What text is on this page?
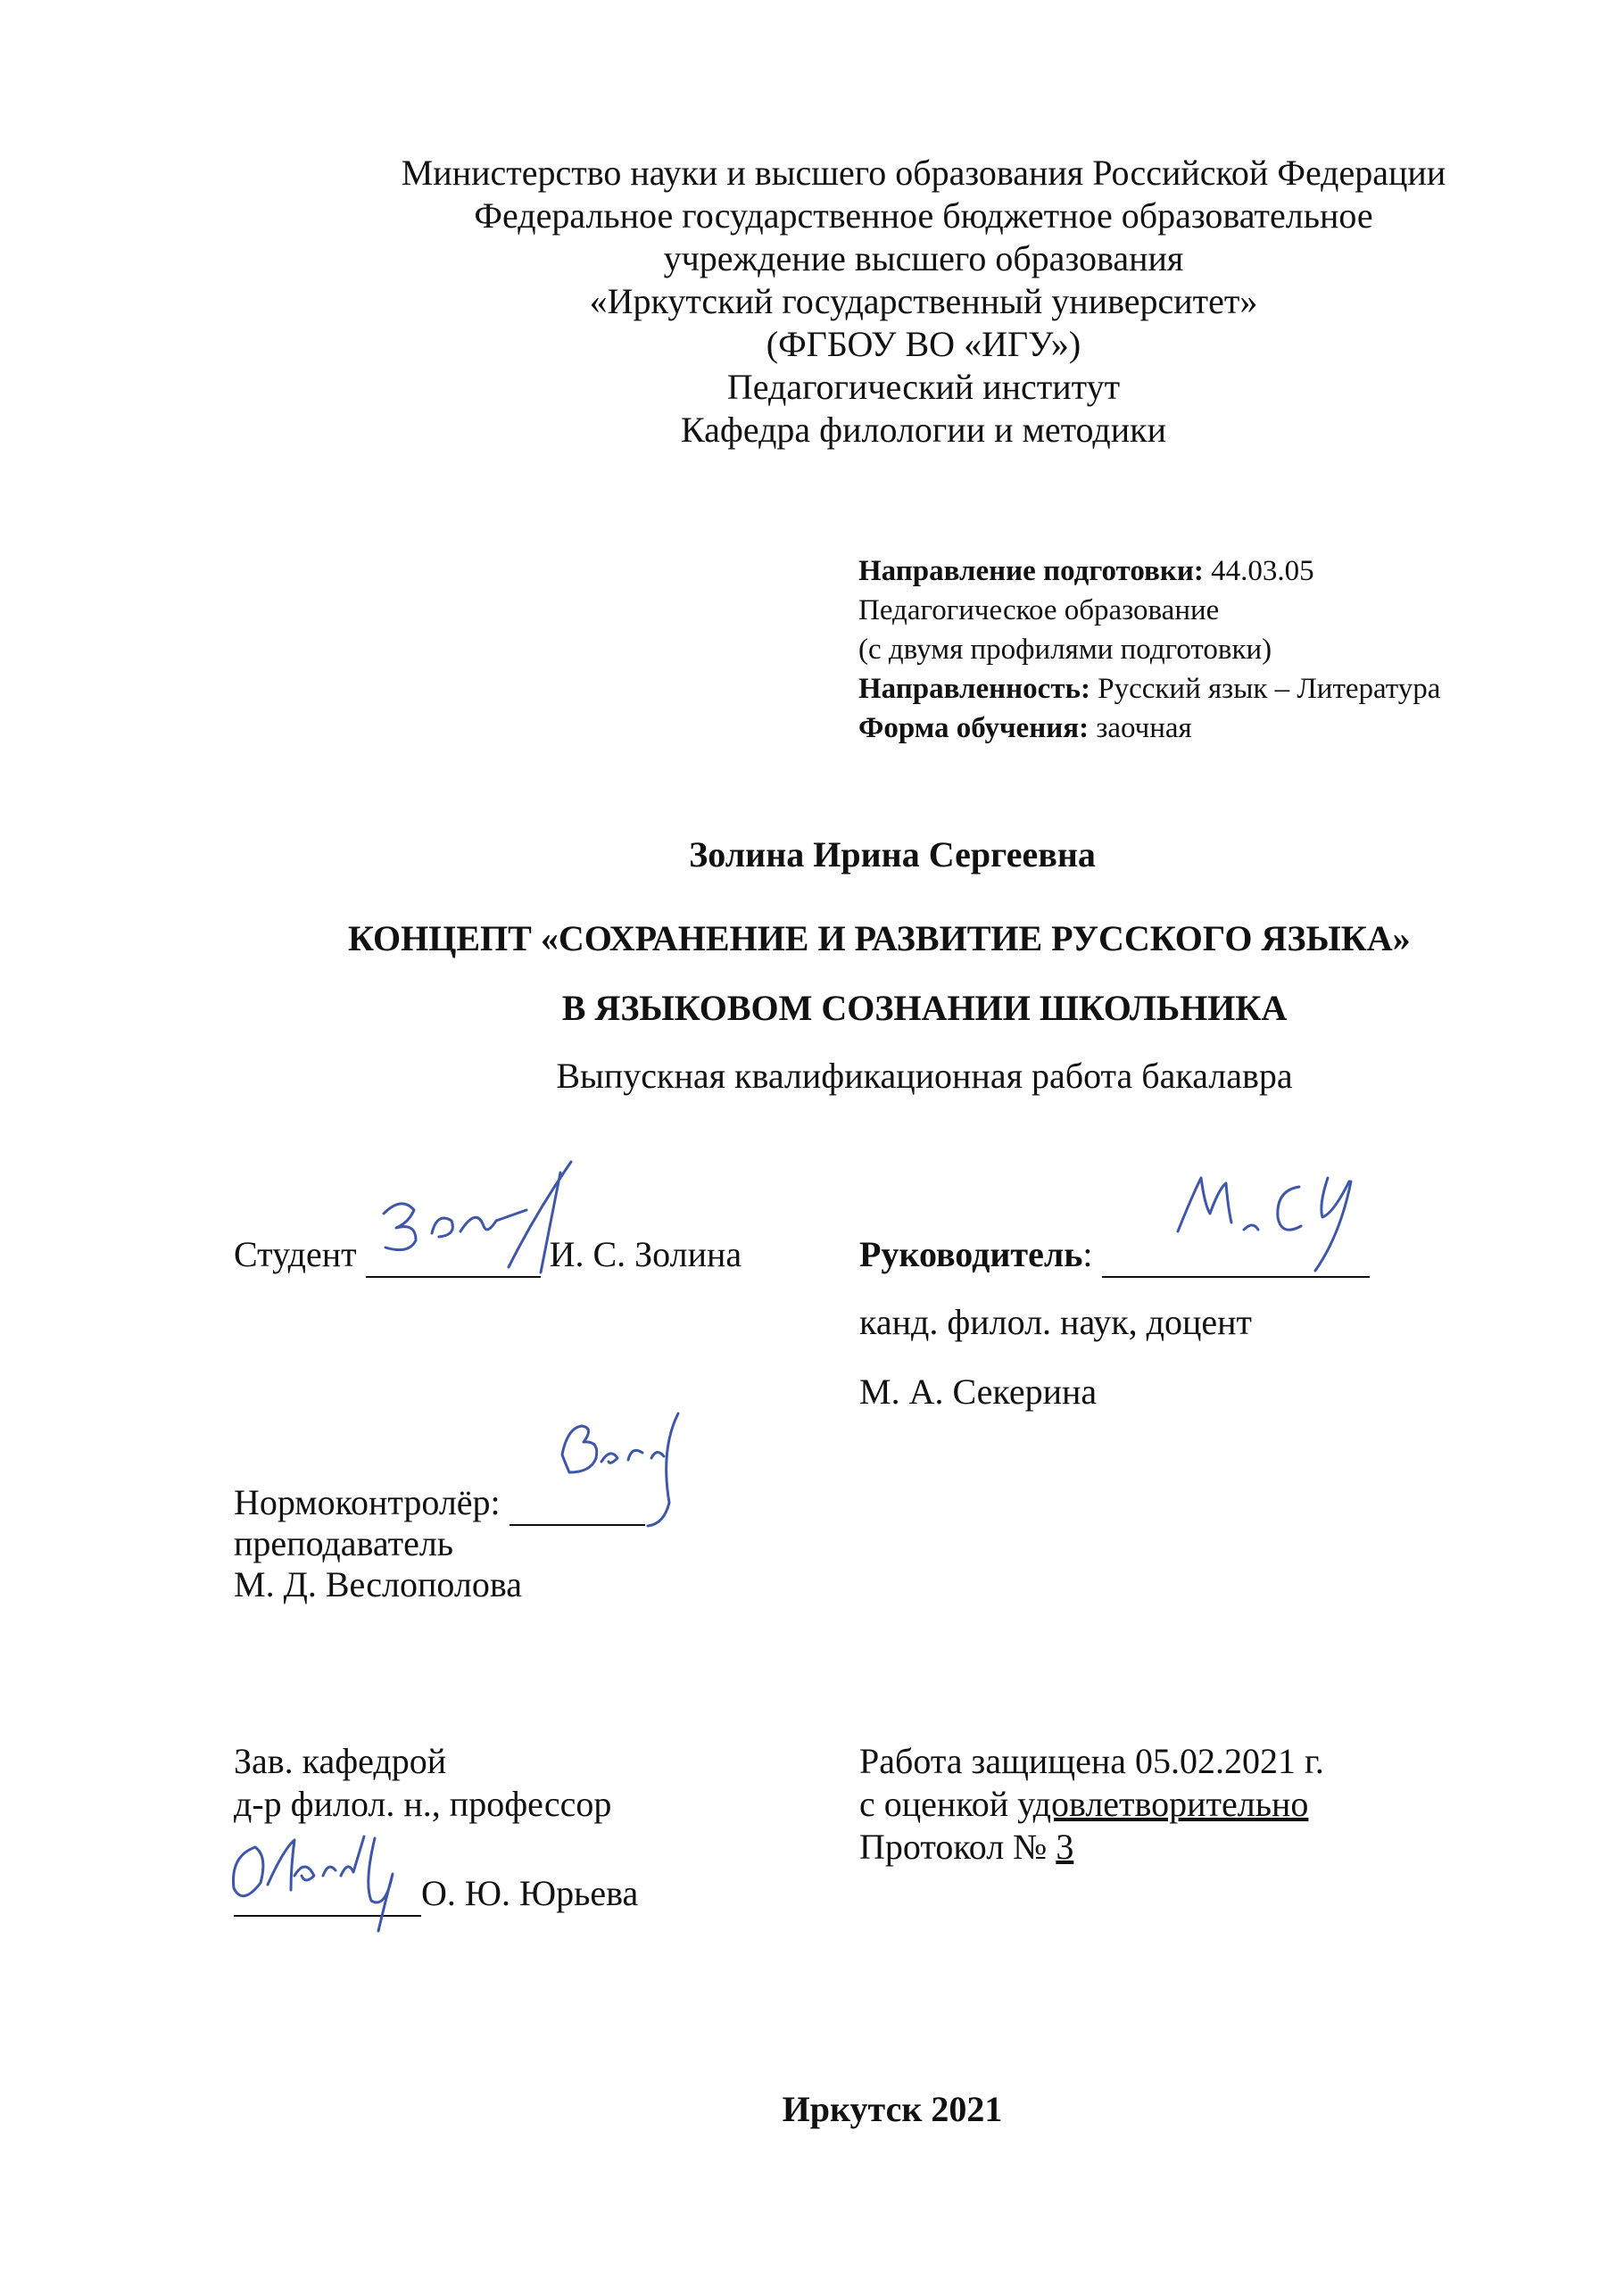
Министерство науки и высшего образования Российской Федерации
Федеральное государственное бюджетное образовательное
учреждение высшего образования
«Иркутский государственный университет»
(ФГБОУ ВО «ИГУ»)
Педагогический институт
Кафедра филологии и методики
Направление подготовки: 44.03.05
Педагогическое образование
(с двумя профилями подготовки)
Направленность: Русский язык – Литература
Форма обучения: заочная
Золина Ирина Сергеевна
КОНЦЕПТ «СОХРАНЕНИЕ И РАЗВИТИЕ РУССКОГО ЯЗЫКА»
В ЯЗЫКОВОМ СОЗНАНИИ ШКОЛЬНИКА
Выпускная квалификационная работа бакалавра
Студент	И. С. Золина	Руководитель:
канд. филол. наук, доцент
М. А. Секерина
Нормоконтролёр:
преподаватель
М. Д. Веслополова
Зав. кафедрой
д-р филол. н., профессор
О. Ю. Юрьева
Работа защищена 05.02.2021 г.
с оценкой удовлетворительно
Протокол № 3
Иркутск 2021
